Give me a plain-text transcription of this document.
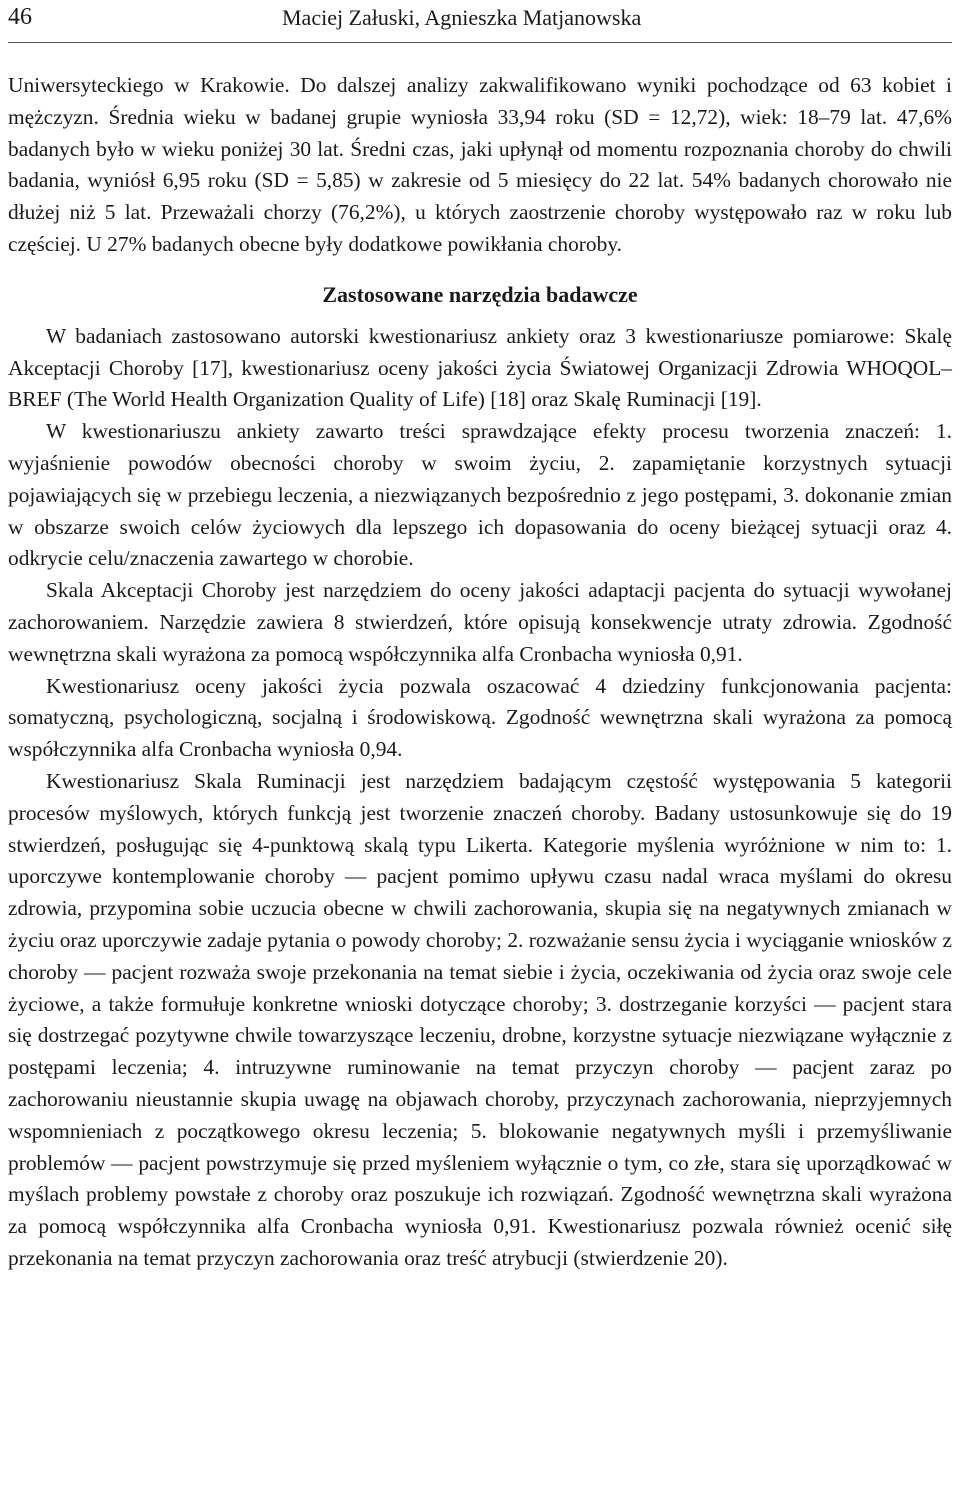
46	Maciej Załuski, Agnieszka Matjanowska

Uniwersyteckiego w Krakowie. Do dalszej analizy zakwalifikowano wyniki pochodzące od 63 kobiet i mężczyzn. Średnia wieku w badanej grupie wyniosła 33,94 roku (SD = 12,72), wiek: 18–79 lat. 47,6% badanych było w wieku poniżej 30 lat. Średni czas, jaki upłynął od momentu rozpoznania choroby do chwili badania, wyniósł 6,95 roku (SD = 5,85) w zakresie od 5 miesięcy do 22 lat. 54% badanych chorowało nie dłużej niż 5 lat. Przeważali chorzy (76,2%), u których zaostrzenie choroby występowało raz w roku lub częściej. U 27% badanych obecne były dodatkowe powikłania choroby.

Zastosowane narzędzia badawcze

W badaniach zastosowano autorski kwestionariusz ankiety oraz 3 kwestionariusze pomiarowe: Skalę Akceptacji Choroby [17], kwestionariusz oceny jakości życia Światowej Organizacji Zdrowia WHOQOL–BREF (The World Health Organization Quality of Life) [18] oraz Skalę Ruminacji [19].

W kwestionariuszu ankiety zawarto treści sprawdzające efekty procesu tworzenia znaczeń: 1. wyjaśnienie powodów obecności choroby w swoim życiu, 2. zapamiętanie korzystnych sytuacji pojawiających się w przebiegu leczenia, a niezwiązanych bezpośrednio z jego postępami, 3. dokonanie zmian w obszarze swoich celów życiowych dla lepszego ich dopasowania do oceny bieżącej sytuacji oraz 4. odkrycie celu/znaczenia zawartego w chorobie.

Skala Akceptacji Choroby jest narzędziem do oceny jakości adaptacji pacjenta do sytuacji wywołanej zachorowaniem. Narzędzie zawiera 8 stwierdzeń, które opisują konsekwencje utraty zdrowia. Zgodność wewnętrzna skali wyrażona za pomocą współczynnika alfa Cronbacha wyniosła 0,91.

Kwestionariusz oceny jakości życia pozwala oszacować 4 dziedziny funkcjonowania pacjenta: somatyczną, psychologiczną, socjalną i środowiskową. Zgodność wewnętrzna skali wyrażona za pomocą współczynnika alfa Cronbacha wyniosła 0,94.

Kwestionariusz Skala Ruminacji jest narzędziem badającym częstość występowania 5 kategorii procesów myślowych, których funkcją jest tworzenie znaczeń choroby. Badany ustosunkowuje się do 19 stwierdzeń, posługując się 4-punktową skalą typu Likerta. Kategorie myślenia wyróżnione w nim to: 1. uporczywe kontemplowanie choroby — pacjent pomimo upływu czasu nadal wraca myślami do okresu zdrowia, przypomina sobie uczucia obecne w chwili zachorowania, skupia się na negatywnych zmianach w życiu oraz uporczywie zadaje pytania o powody choroby; 2. rozważanie sensu życia i wyciąganie wniosków z choroby — pacjent rozważa swoje przekonania na temat siebie i życia, oczekiwania od życia oraz swoje cele życiowe, a także formułuje konkretne wnioski dotyczące choroby; 3. dostrzeganie korzyści — pacjent stara się dostrzegać pozytywne chwile towarzyszące leczeniu, drobne, korzystne sytuacje niezwiązane wyłącznie z postępami leczenia; 4. intruzywne ruminowanie na temat przyczyn choroby — pacjent zaraz po zachorowaniu nieustannie skupia uwagę na objawach choroby, przyczynach zachorowania, nieprzyjemnych wspomnieniach z początkowego okresu leczenia; 5. blokowanie negatywnych myśli i przemyśliwanie problemów — pacjent powstrzymuje się przed myśleniem wyłącznie o tym, co złe, stara się uporządkować w myślach problemy powstałe z choroby oraz poszukuje ich rozwiązań. Zgodność wewnętrzna skali wyrażona za pomocą współczynnika alfa Cronbacha wyniosła 0,91. Kwestionariusz pozwala również ocenić siłę przekonania na temat przyczyn zachorowania oraz treść atrybucji (stwierdzenie 20).
